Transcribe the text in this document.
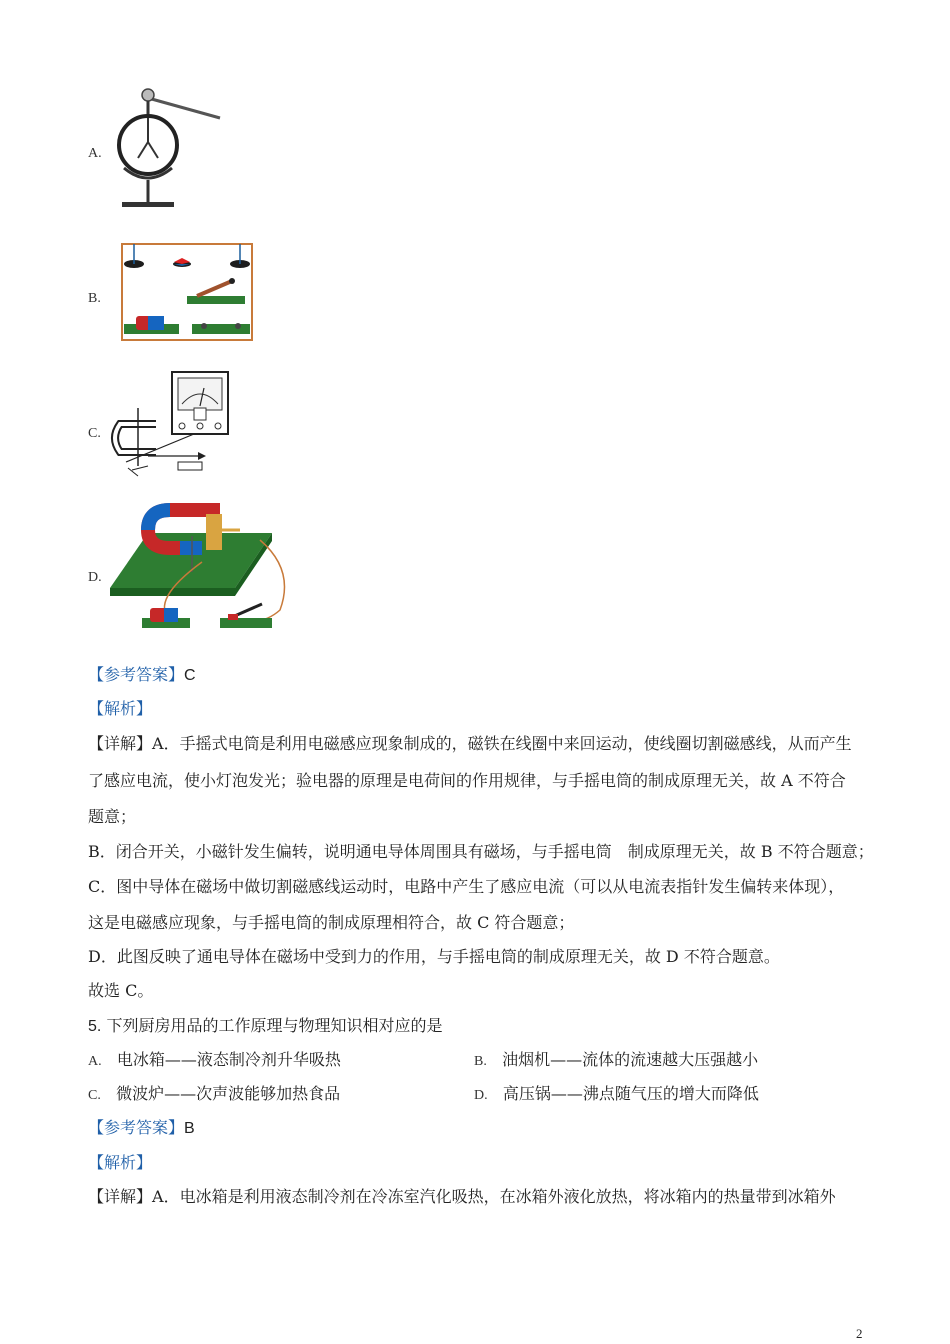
A.
B.
C.
D.
【参考答案】C
【解析】
【详解】A．手摇式电筒是利用电磁感应现象制成的，磁铁在线圈中来回运动，使线圈切割磁感线，从而产生
了感应电流，使小灯泡发光；验电器的原理是电荷间的作用规律，与手摇电筒的制成原理无关，故 A 不符合
题意；
B．闭合开关，小磁针发生偏转，说明通电导体周围具有磁场，与手摇电筒　制成原理无关，故 B 不符合题意；
C．图中导体在磁场中做切割磁感线运动时，电路中产生了感应电流（可以从电流表指针发生偏转来体现），
这是电磁感应现象，与手摇电筒的制成原理相符合，故 C 符合题意；
D．此图反映了通电导体在磁场中受到力的作用，与手摇电筒的制成原理无关，故 D 不符合题意。
故选 C。
5. 下列厨房用品的工作原理与物理知识相对应的是
A. 电冰箱——液态制冷剂升华吸热	B. 油烟机——流体的流速越大压强越小
C. 微波炉——次声波能够加热食品	D. 高压锅——沸点随气压的增大而降低
【参考答案】B
【解析】
【详解】A．电冰箱是利用液态制冷剂在冷冻室汽化吸热，在冰箱外液化放热，将冰箱内的热量带到冰箱外
2
